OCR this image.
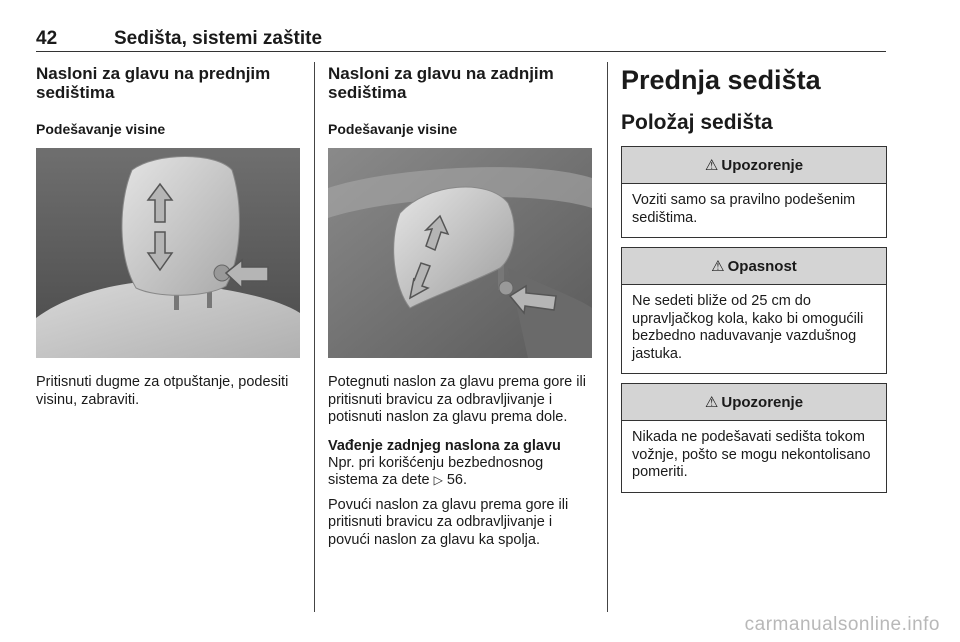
42	Sedišta, sistemi zaštite
Nasloni za glavu na prednjim sedištima
Podešavanje visine
Pritisnuti dugme za otpuštanje, podesiti visinu, zabraviti.
Nasloni za glavu na zadnjim sedištima
Podešavanje visine
Potegnuti naslon za glavu prema gore ili pritisnuti bravicu za odbravljivanje i potisnuti naslon za glavu prema dole.
Vađenje zadnjeg naslona za glavu
Npr. pri korišćenju bezbednosnog sistema za dete ▷ 56.
Povući naslon za glavu prema gore ili pritisnuti bravicu za odbravljivanje i povući naslon za glavu ka spolja.
Prednja sedišta
Položaj sedišta
⚠ Upozorenje
Voziti samo sa pravilno podešenim sedištima.
⚠ Opasnost
Ne sedeti bliže od 25 cm do upravljačkog kola, kako bi omogućili bezbedno naduvavanje vazdušnog jastuka.
⚠ Upozorenje
Nikada ne podešavati sedišta tokom vožnje, pošto se mogu nekontolisano pomeriti.
carmanualsonline.info
